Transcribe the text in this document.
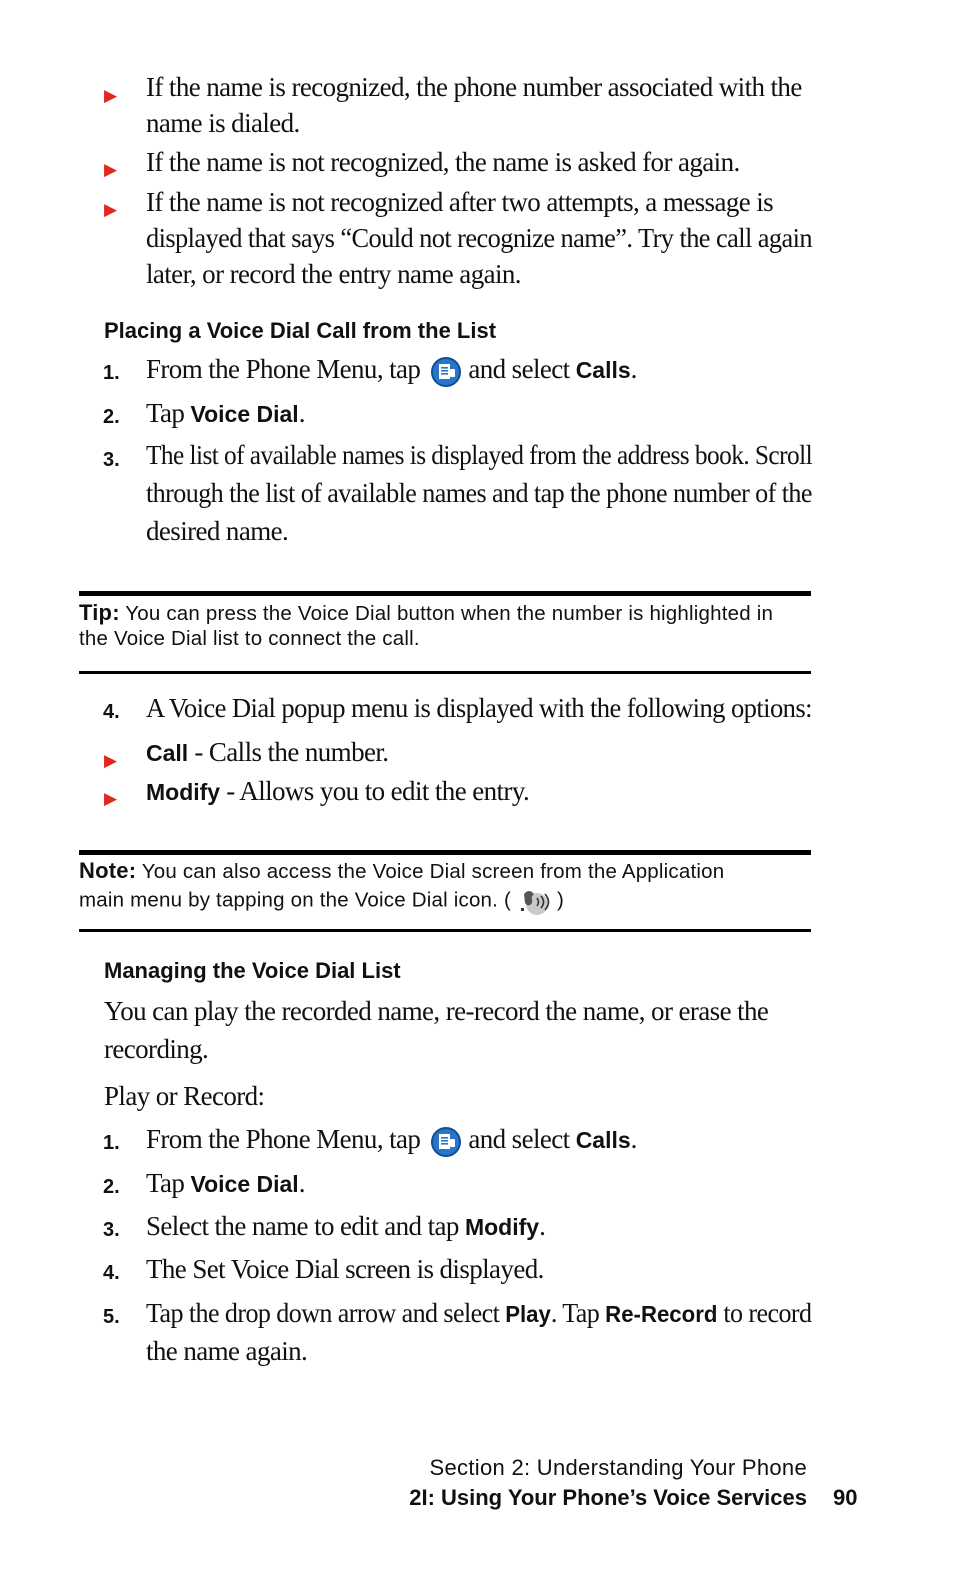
▶ If the name is recognized, the phone number associated with the
name is dialed.
▶ If the name is not recognized, the name is asked for again.
▶ If the name is not recognized after two attempts, a message is
displayed that says “Could not recognize name”. Try the call again
later, or record the entry name again.
Placing a Voice Dial Call from the List
1. From the Phone Menu, tap and select Calls.
2. Tap Voice Dial.
3. The list of available names is displayed from the address book. Scroll
through the list of available names and tap the phone number of the
desired name.
Tip: You can press the Voice Dial button when the number is highlighted in
the Voice Dial list to connect the call.
4. A Voice Dial popup menu is displayed with the following options:
▶ Call - Calls the number.
▶ Modify - Allows you to edit the entry.
Note: You can also access the Voice Dial screen from the Application
main menu by tapping on the Voice Dial icon. ( )
Managing the Voice Dial List
You can play the recorded name, re-record the name, or erase the
recording.
Play or Record:
1. From the Phone Menu, tap and select Calls.
2. Tap Voice Dial.
3. Select the name to edit and tap Modify.
4. The Set Voice Dial screen is displayed.
5. Tap the drop down arrow and select Play. Tap Re-Record to record
the name again.
Section 2: Understanding Your Phone
2I: Using Your Phone’s Voice Services 90
